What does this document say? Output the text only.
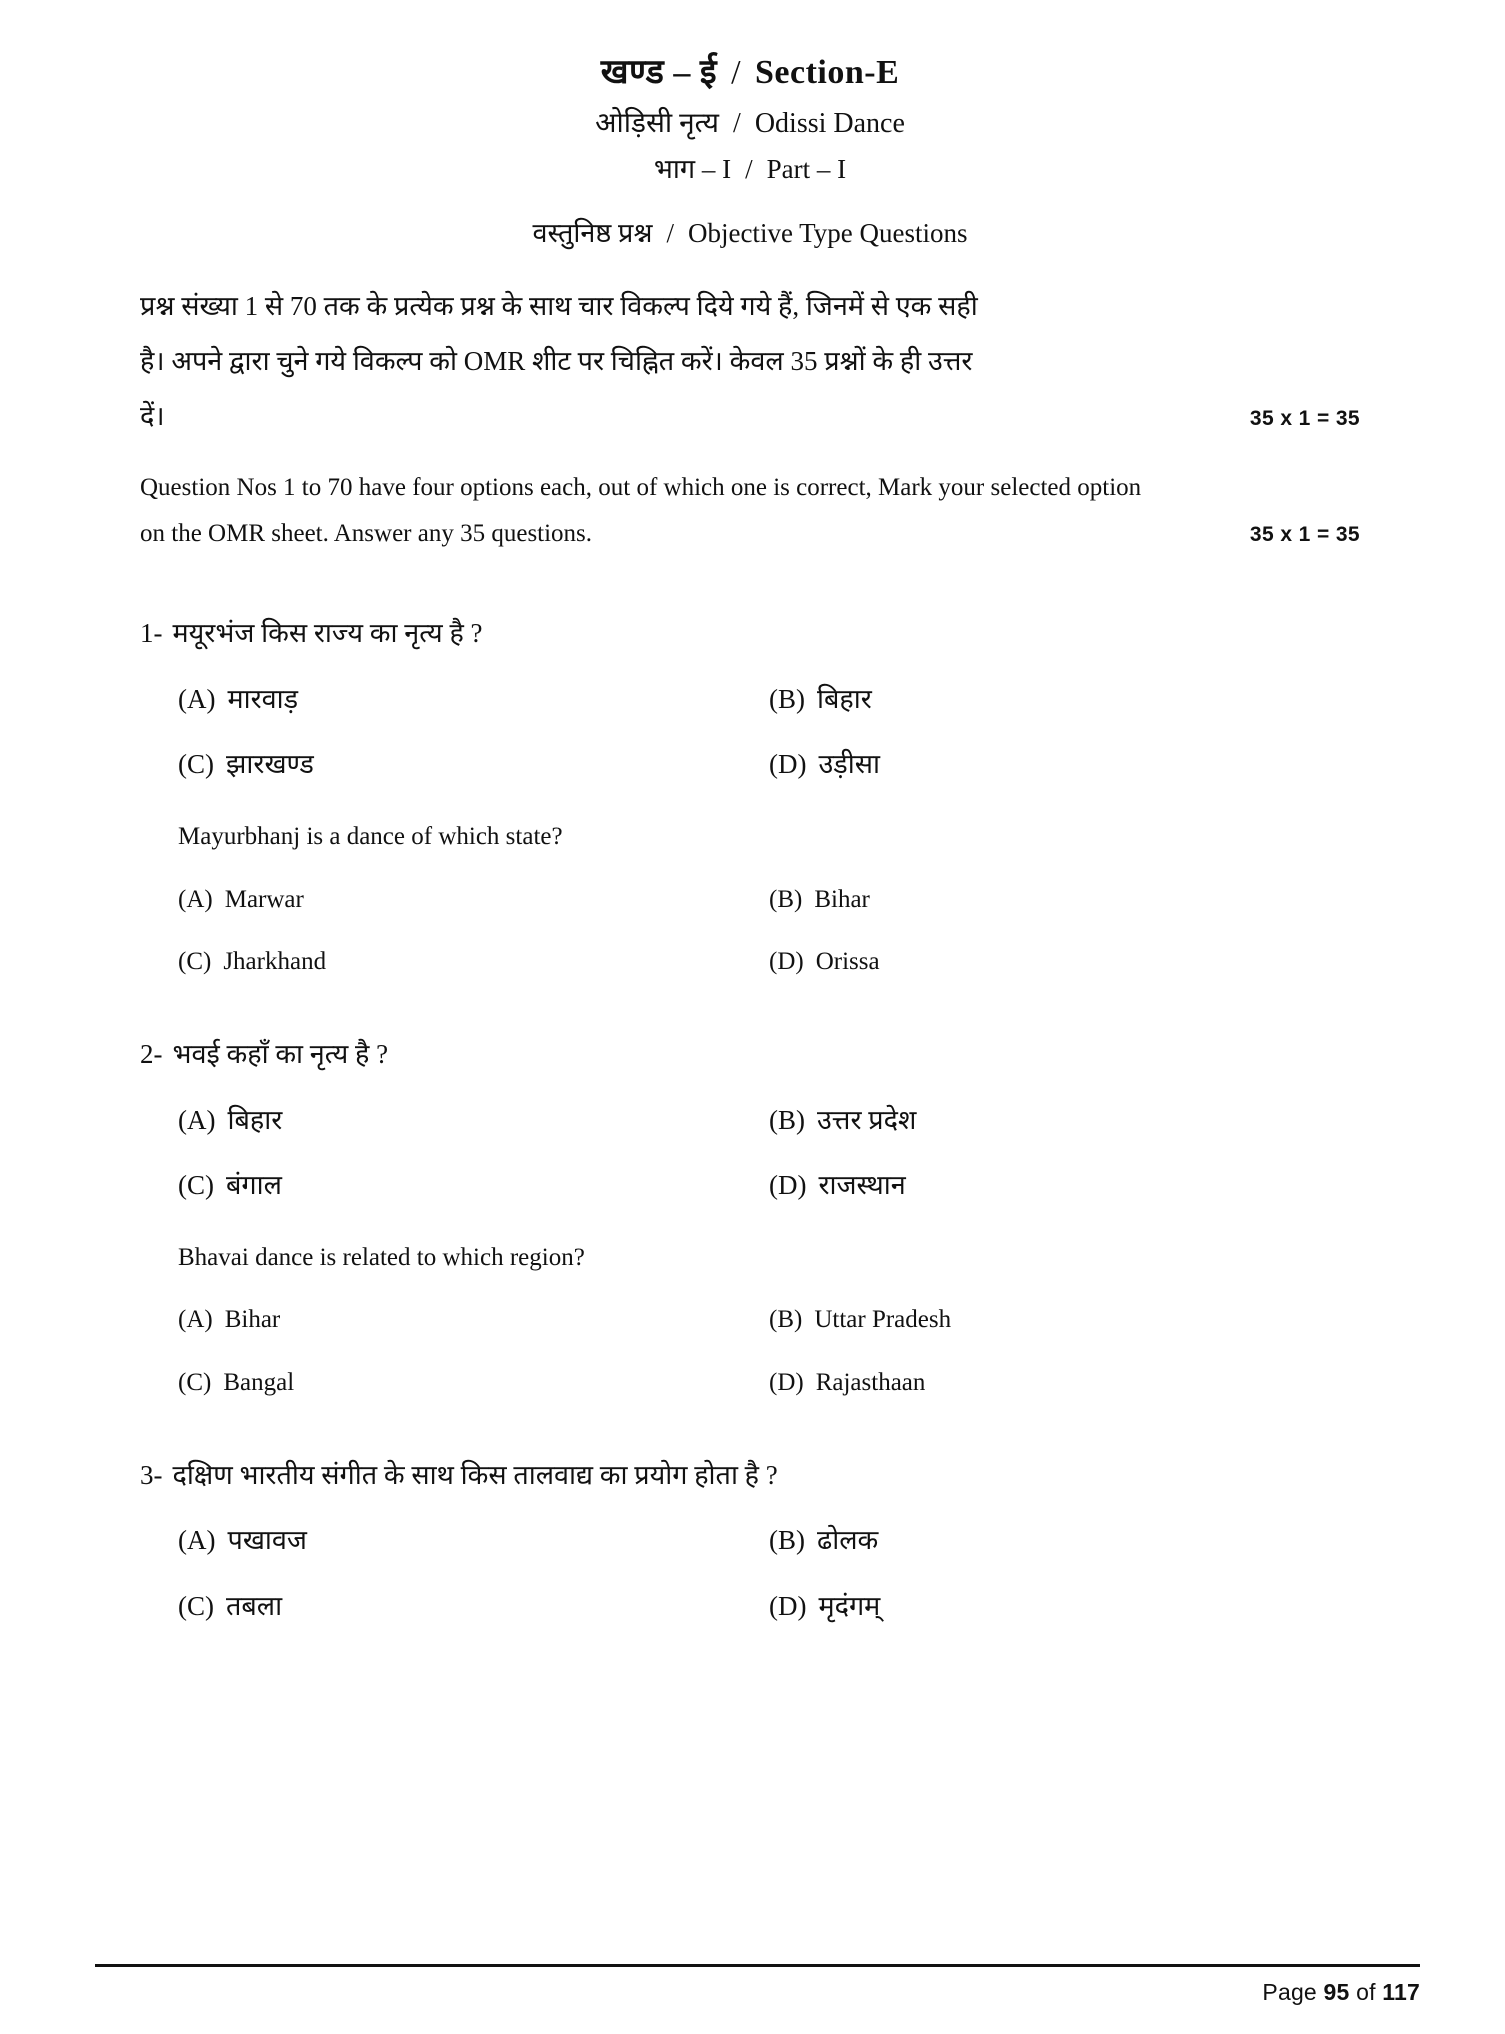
खण्ड – ई / Section-E
ओड़िसी नृत्य / Odissi Dance
भाग – I / Part – I
वस्तुनिष्ठ प्रश्न / Objective Type Questions
प्रश्न संख्या 1 से 70 तक के प्रत्येक प्रश्न के साथ चार विकल्प दिये गये हैं, जिनमें से एक सही
है। अपने द्वारा चुने गये विकल्प को OMR शीट पर चिह्नित करें। केवल 35 प्रश्नों के ही उत्तर
दें।	35 x 1 = 35
Question Nos 1 to 70 have four options each, out of which one is correct, Mark your selected option
on the OMR sheet. Answer any 35 questions.	35 x 1 = 35
1- मयूरभंज किस राज्य का नृत्य है ?
(A) मारवाड़	(B) बिहार
(C) झारखण्ड	(D) उड़ीसा
Mayurbhanj is a dance of which state?
(A) Marwar	(B) Bihar
(C) Jharkhand	(D) Orissa
2- भवई कहाँ का नृत्य है ?
(A) बिहार	(B) उत्तर प्रदेश
(C) बंगाल	(D) राजस्थान
Bhavai dance is related to which region?
(A) Bihar	(B) Uttar Pradesh
(C) Bangal	(D) Rajasthaan
3- दक्षिण भारतीय संगीत के साथ किस तालवाद्य का प्रयोग होता है ?
(A) पखावज	(B) ढोलक
(C) तबला	(D) मृदंगम्
Page 95 of 117
